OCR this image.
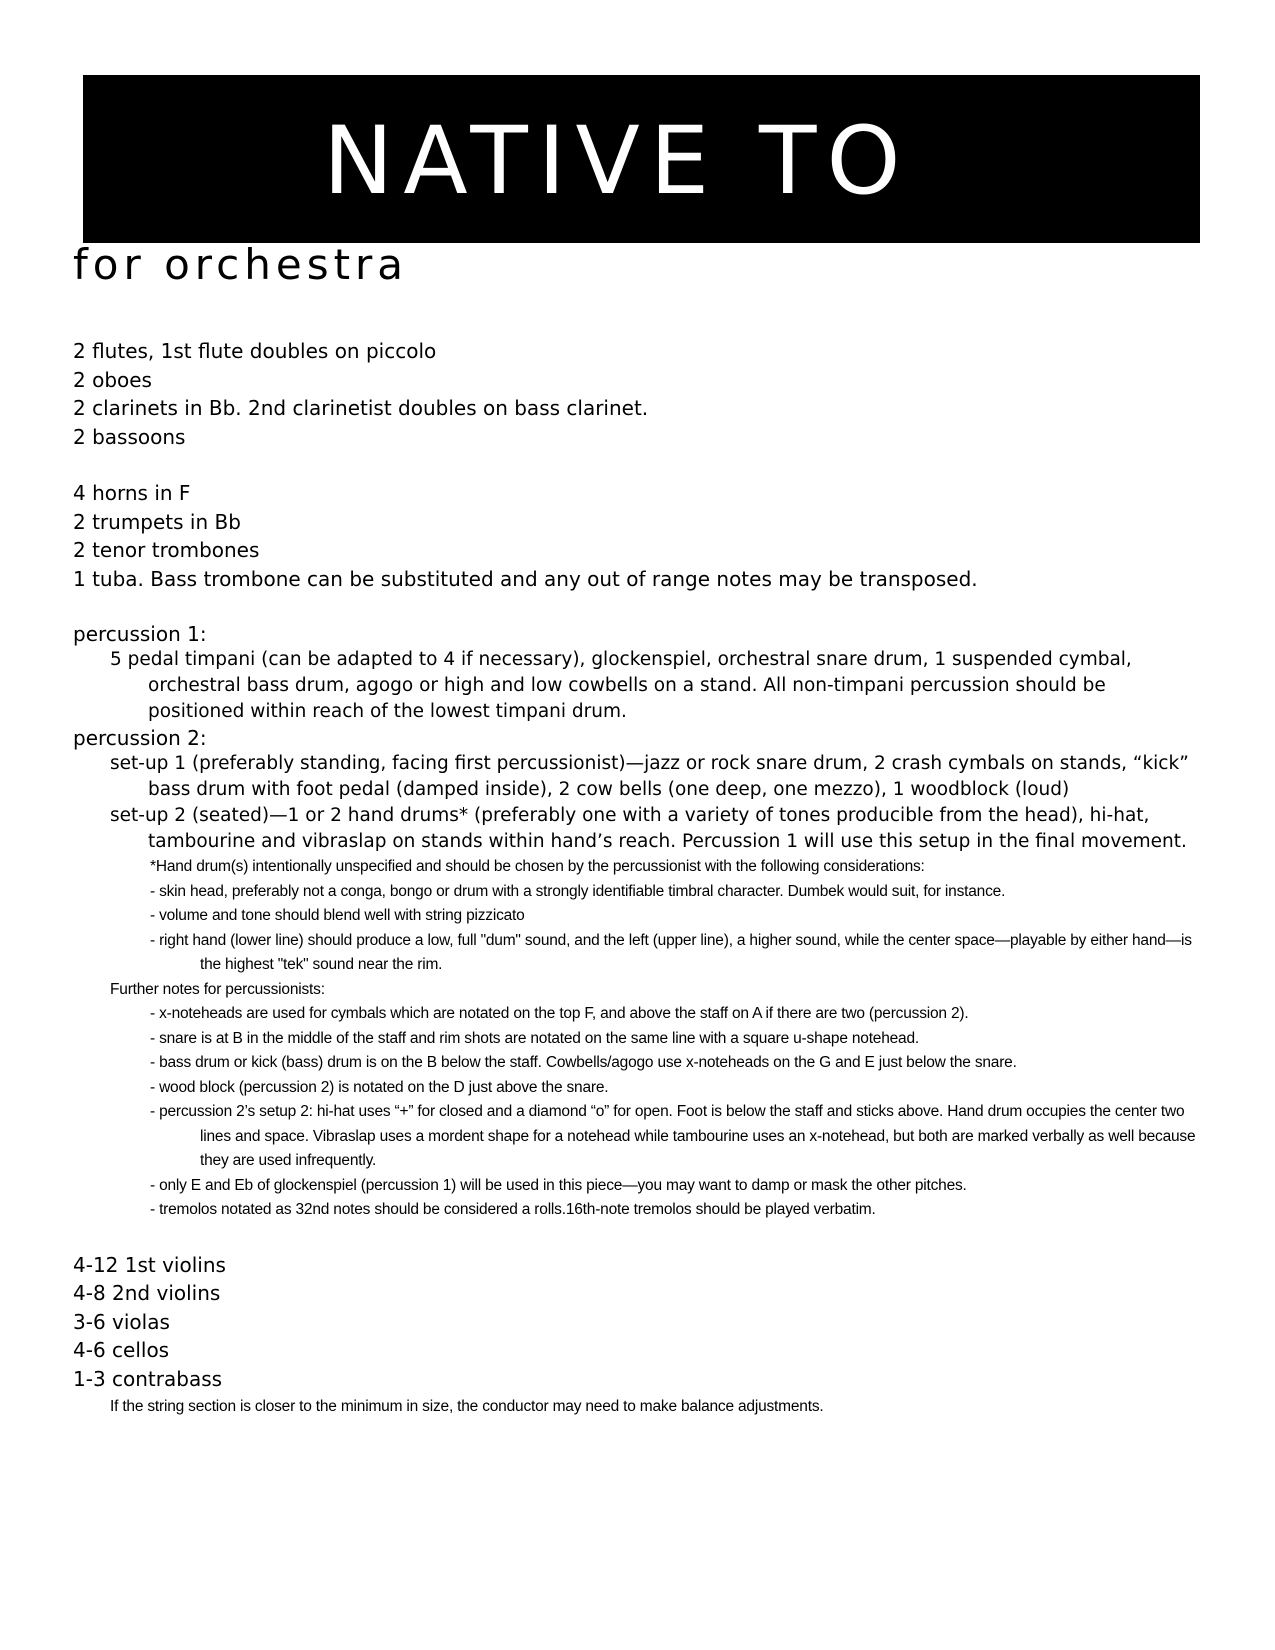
NATIVE TO
for orchestra
2 flutes, 1st flute doubles on piccolo
2 oboes
2 clarinets in Bb. 2nd clarinetist doubles on bass clarinet.
2 bassoons
4 horns in F
2 trumpets in Bb
2 tenor trombones
1 tuba. Bass trombone can be substituted and any out of range notes may be transposed.
percussion 1:
5 pedal timpani (can be adapted to 4 if necessary), glockenspiel, orchestral snare drum, 1 suspended cymbal, orchestral bass drum, agogo or high and low cowbells on a stand. All non-timpani percussion should be positioned within reach of the lowest timpani drum.
percussion 2:
set-up 1 (preferably standing, facing first percussionist)—jazz or rock snare drum, 2 crash cymbals on stands, “kick” bass drum with foot pedal (damped inside), 2 cow bells (one deep, one mezzo), 1 woodblock (loud)
set-up 2 (seated)—1 or 2 hand drums* (preferably one with a variety of tones producible from the head), hi-hat, tambourine and vibraslap on stands within hand’s reach. Percussion 1 will use this setup in the final movement.
*Hand drum(s) intentionally unspecified and should be chosen by the percussionist with the following considerations:
- skin head, preferably not a conga, bongo or drum with a strongly identifiable timbral character. Dumbek would suit, for instance.
- volume and tone should blend well with string pizzicato
- right hand (lower line) should produce a low, full "dum" sound, and the left (upper line), a higher sound, while the center space—playable by either hand—is the highest "tek" sound near the rim.
Further notes for percussionists:
- x-noteheads are used for cymbals which are notated on the top F, and above the staff on A if there are two (percussion 2).
- snare is at B in the middle of the staff and rim shots are notated on the same line with a square u-shape notehead.
- bass drum or kick (bass) drum is on the B below the staff. Cowbells/agogo use x-noteheads on the G and E just below the snare.
- wood block (percussion 2) is notated on the D just above the snare.
- percussion 2’s setup 2: hi-hat uses “+” for closed and a diamond “o” for open. Foot is below the staff and sticks above. Hand drum occupies the center two lines and space. Vibraslap uses a mordent shape for a notehead while tambourine uses an x-notehead, but both are marked verbally as well because they are used infrequently.
- only E and Eb of glockenspiel (percussion 1) will be used in this piece—you may want to damp or mask the other pitches.
- tremolos notated as 32nd notes should be considered a rolls.16th-note tremolos should be played verbatim.
4-12 1st violins
4-8 2nd violins
3-6 violas
4-6 cellos
1-3 contrabass
If the string section is closer to the minimum in size, the conductor may need to make balance adjustments.
